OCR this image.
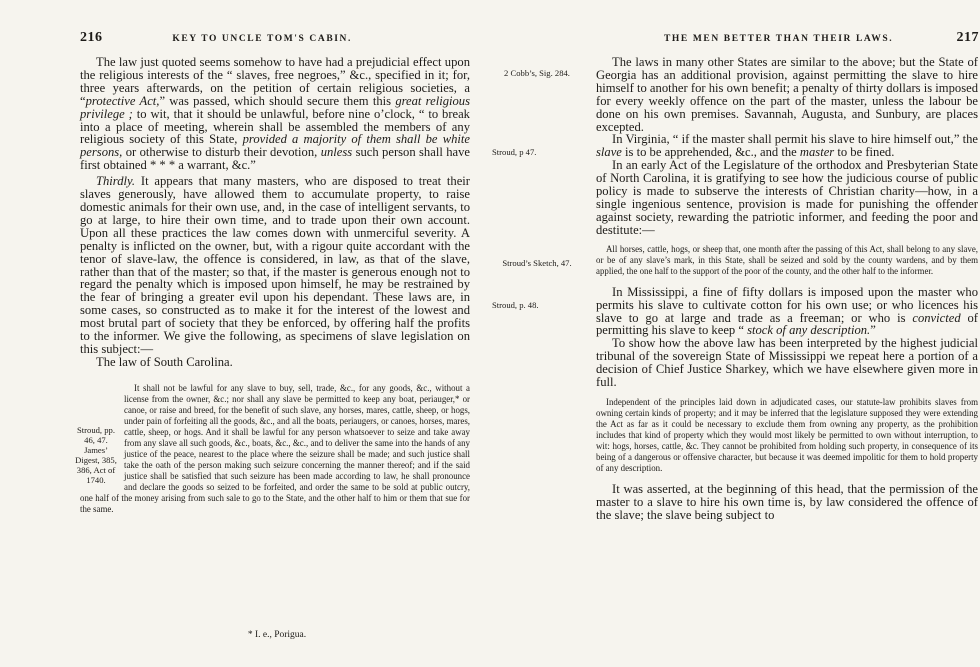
216	KEY TO UNCLE TOM'S CABIN.

The law just quoted seems somehow to have had a prejudicial effect upon the religious interests of the “ slaves, free negroes,” &c., specified in it; for, three years afterwards, on the petition of certain religious societies, a “protective Act,” was passed, which should secure them this great religious privilege ; to wit, that it should be unlawful, before nine o’clock, “ to break into a place of meeting, wherein shall be assembled the members of any religious society of this State, provided a majority of them shall be white persons, or otherwise to disturb their devotion, unless such person shall have first obtained * * * a warrant, &c.”

Thirdly. It appears that many masters, who are disposed to treat their slaves generously, have allowed them to accumulate property, to raise domestic animals for their own use, and, in the case of intelligent servants, to go at large, to hire their own time, and to trade upon their own account. Upon all these practices the law comes down with unmerciful severity. A penalty is inflicted on the owner, but, with a rigour quite accordant with the tenor of slave-law, the offence is considered, in law, as that of the slave, rather than that of the master; so that, if the master is generous enough not to regard the penalty which is imposed upon himself, he may be restrained by the fear of bringing a greater evil upon his dependant. These laws are, in some cases, so constructed as to make it for the interest of the lowest and most brutal part of society that they be enforced, by offering half the profits to the informer. We give the following, as specimens of slave legislation on this subject:—

The law of South Carolina.

Stroud, pp. 46, 47. James’ Digest, 385, 386, Act of 1740.
It shall not be lawful for any slave to buy, sell, trade, &c., for any goods, &c., without a license from the owner, &c.; nor shall any slave be permitted to keep any boat, periauger,* or canoe, or raise and breed, for the benefit of such slave, any horses, mares, cattle, sheep, or hogs, under pain of forfeiting all the goods, &c., and all the boats, periaugers, or canoes, horses, mares, cattle, sheep, or hogs. And it shall be lawful for any person whatsoever to seize and take away from any slave all such goods, &c., boats, &c., &c., and to deliver the same into the hands of any justice of the peace, nearest to the place where the seizure shall be made; and such justice shall take the oath of the person making such seizure concerning the manner thereof; and if the said justice shall be satisfied that such seizure has been made according to law, he shall pronounce and declare the goods so seized to be forfeited, and order the same to be sold at public outcry, one half of the money arising from such sale to go to the State, and the other half to him or them that sue for the same.

* I. e., Porigua.
THE MEN BETTER THAN THEIR LAWS.	217

2 Cobb’s, Sig. 284.
The laws in many other States are similar to the above; but the State of Georgia has an additional provision, against permitting the slave to hire himself to another for his own benefit; a penalty of thirty dollars is imposed for every weekly offence on the part of the master, unless the labour be done on his own premises. Savannah, Augusta, and Sunbury, are places excepted.

Stroud, p 47.
In Virginia, “ if the master shall permit his slave to hire himself out,” the slave is to be apprehended, &c., and the master to be fined.

In an early Act of the Legislature of the orthodox and Presbyterian State of North Carolina, it is gratifying to see how the judicious course of public policy is made to subserve the interests of Christian charity—how, in a single ingenious sentence, provision is made for punishing the offender against society, rewarding the patriotic informer, and feeding the poor and destitute:—

Stroud’s Sketch, 47.
All horses, cattle, hogs, or sheep that, one month after the passing of this Act, shall belong to any slave, or be of any slave’s mark, in this State, shall be seized and sold by the county wardens, and by them applied, the one half to the support of the poor of the county, and the other half to the informer.

Stroud, p. 48.
In Mississippi, a fine of fifty dollars is imposed upon the master who permits his slave to cultivate cotton for his own use; or who licences his slave to go at large and trade as a freeman; or who is convicted of permitting his slave to keep “ stock of any description.”

To show how the above law has been interpreted by the highest judicial tribunal of the sovereign State of Mississippi we repeat here a portion of a decision of Chief Justice Sharkey, which we have elsewhere given more in full.

Independent of the principles laid down in adjudicated cases, our statute-law prohibits slaves from owning certain kinds of property; and it may be inferred that the legislature supposed they were extending the Act as far as it could be necessary to exclude them from owning any property, as the prohibition includes that kind of property which they would most likely be permitted to own without interruption, to wit: hogs, horses, cattle, &c. They cannot be prohibited from holding such property, in consequence of its being of a dangerous or offensive character, but because it was deemed impolitic for them to hold property of any description.

It was asserted, at the beginning of this head, that the permission of the master to a slave to hire his own time is, by law considered the offence of the slave; the slave being subject to
